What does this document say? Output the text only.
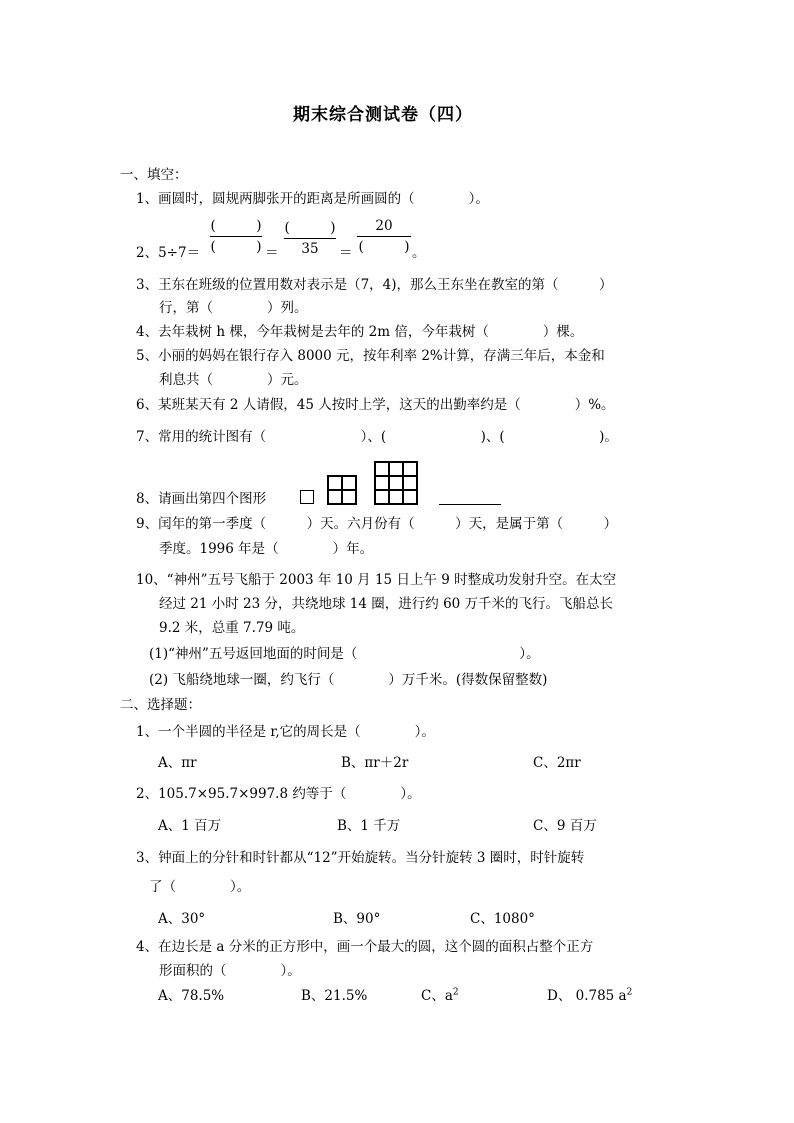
期末综合测试卷（四）
一、填空：
1、画圆时，圆规两脚张开的距离是所画圆的（　　　　）。
2、5÷7＝
(　　　)
(　　　) ＝
(　　　)
35	＝
20
(　　　) 。
3、王东在班级的位置用数对表示是（7，4)，那么王东坐在教室的第（　　　）
行，第（　　　　）列。
4、去年栽树 h 棵，今年栽树是去年的 2m 倍，今年栽树（　　　　）棵。
5、小丽的妈妈在银行存入 8000 元，按年利率 2%计算，存满三年后，本金和
利息共（　　　　）元。
6、某班某天有 2 人请假，45 人按时上学，这天的出勤率约是（　　　　）%。
7、常用的统计图有（　　　　　　　）、(　　　　　　　)、(　　　　　　　)。
8、请画出第四个图形
9、闰年的第一季度（　　　）天。六月份有（　　　）天，是属于第（　　　）
季度。1996 年是（　　　　）年。
10、“神州”五号飞船于 2003 年 10 月 15 日上午 9 时整成功发射升空。在太空
经过 21 小时 23 分，共绕地球 14 圈，进行约 60 万千米的飞行。飞船总长
9.2 米，总重 7.79 吨。
(1)“神州”五号返回地面的时间是（　　　　　　　　　　　　）。
(2) 飞船绕地球一圈，约飞行（　　　　）万千米。(得数保留整数)
二、选择题：
1、一个半圆的半径是 r,它的周长是（　　　　）。
A、πr	B、πr＋2r	C、2πr
2、105.7×95.7×997.8 约等于（　　　　）。
A、1 百万	B、1 千万	C、9 百万
3、钟面上的分针和时针都从“12”开始旋转。当分针旋转 3 圈时，时针旋转
了（　　　　）。
A、30°	B、90°	C、1080°
4、在边长是 a 分米的正方形中，画一个最大的圆，这个圆的面积占整个正方
形面积的（　　　　）。
A、78.5%	B、21.5%	C、$a^2$	D、 0.785 $a^2$
